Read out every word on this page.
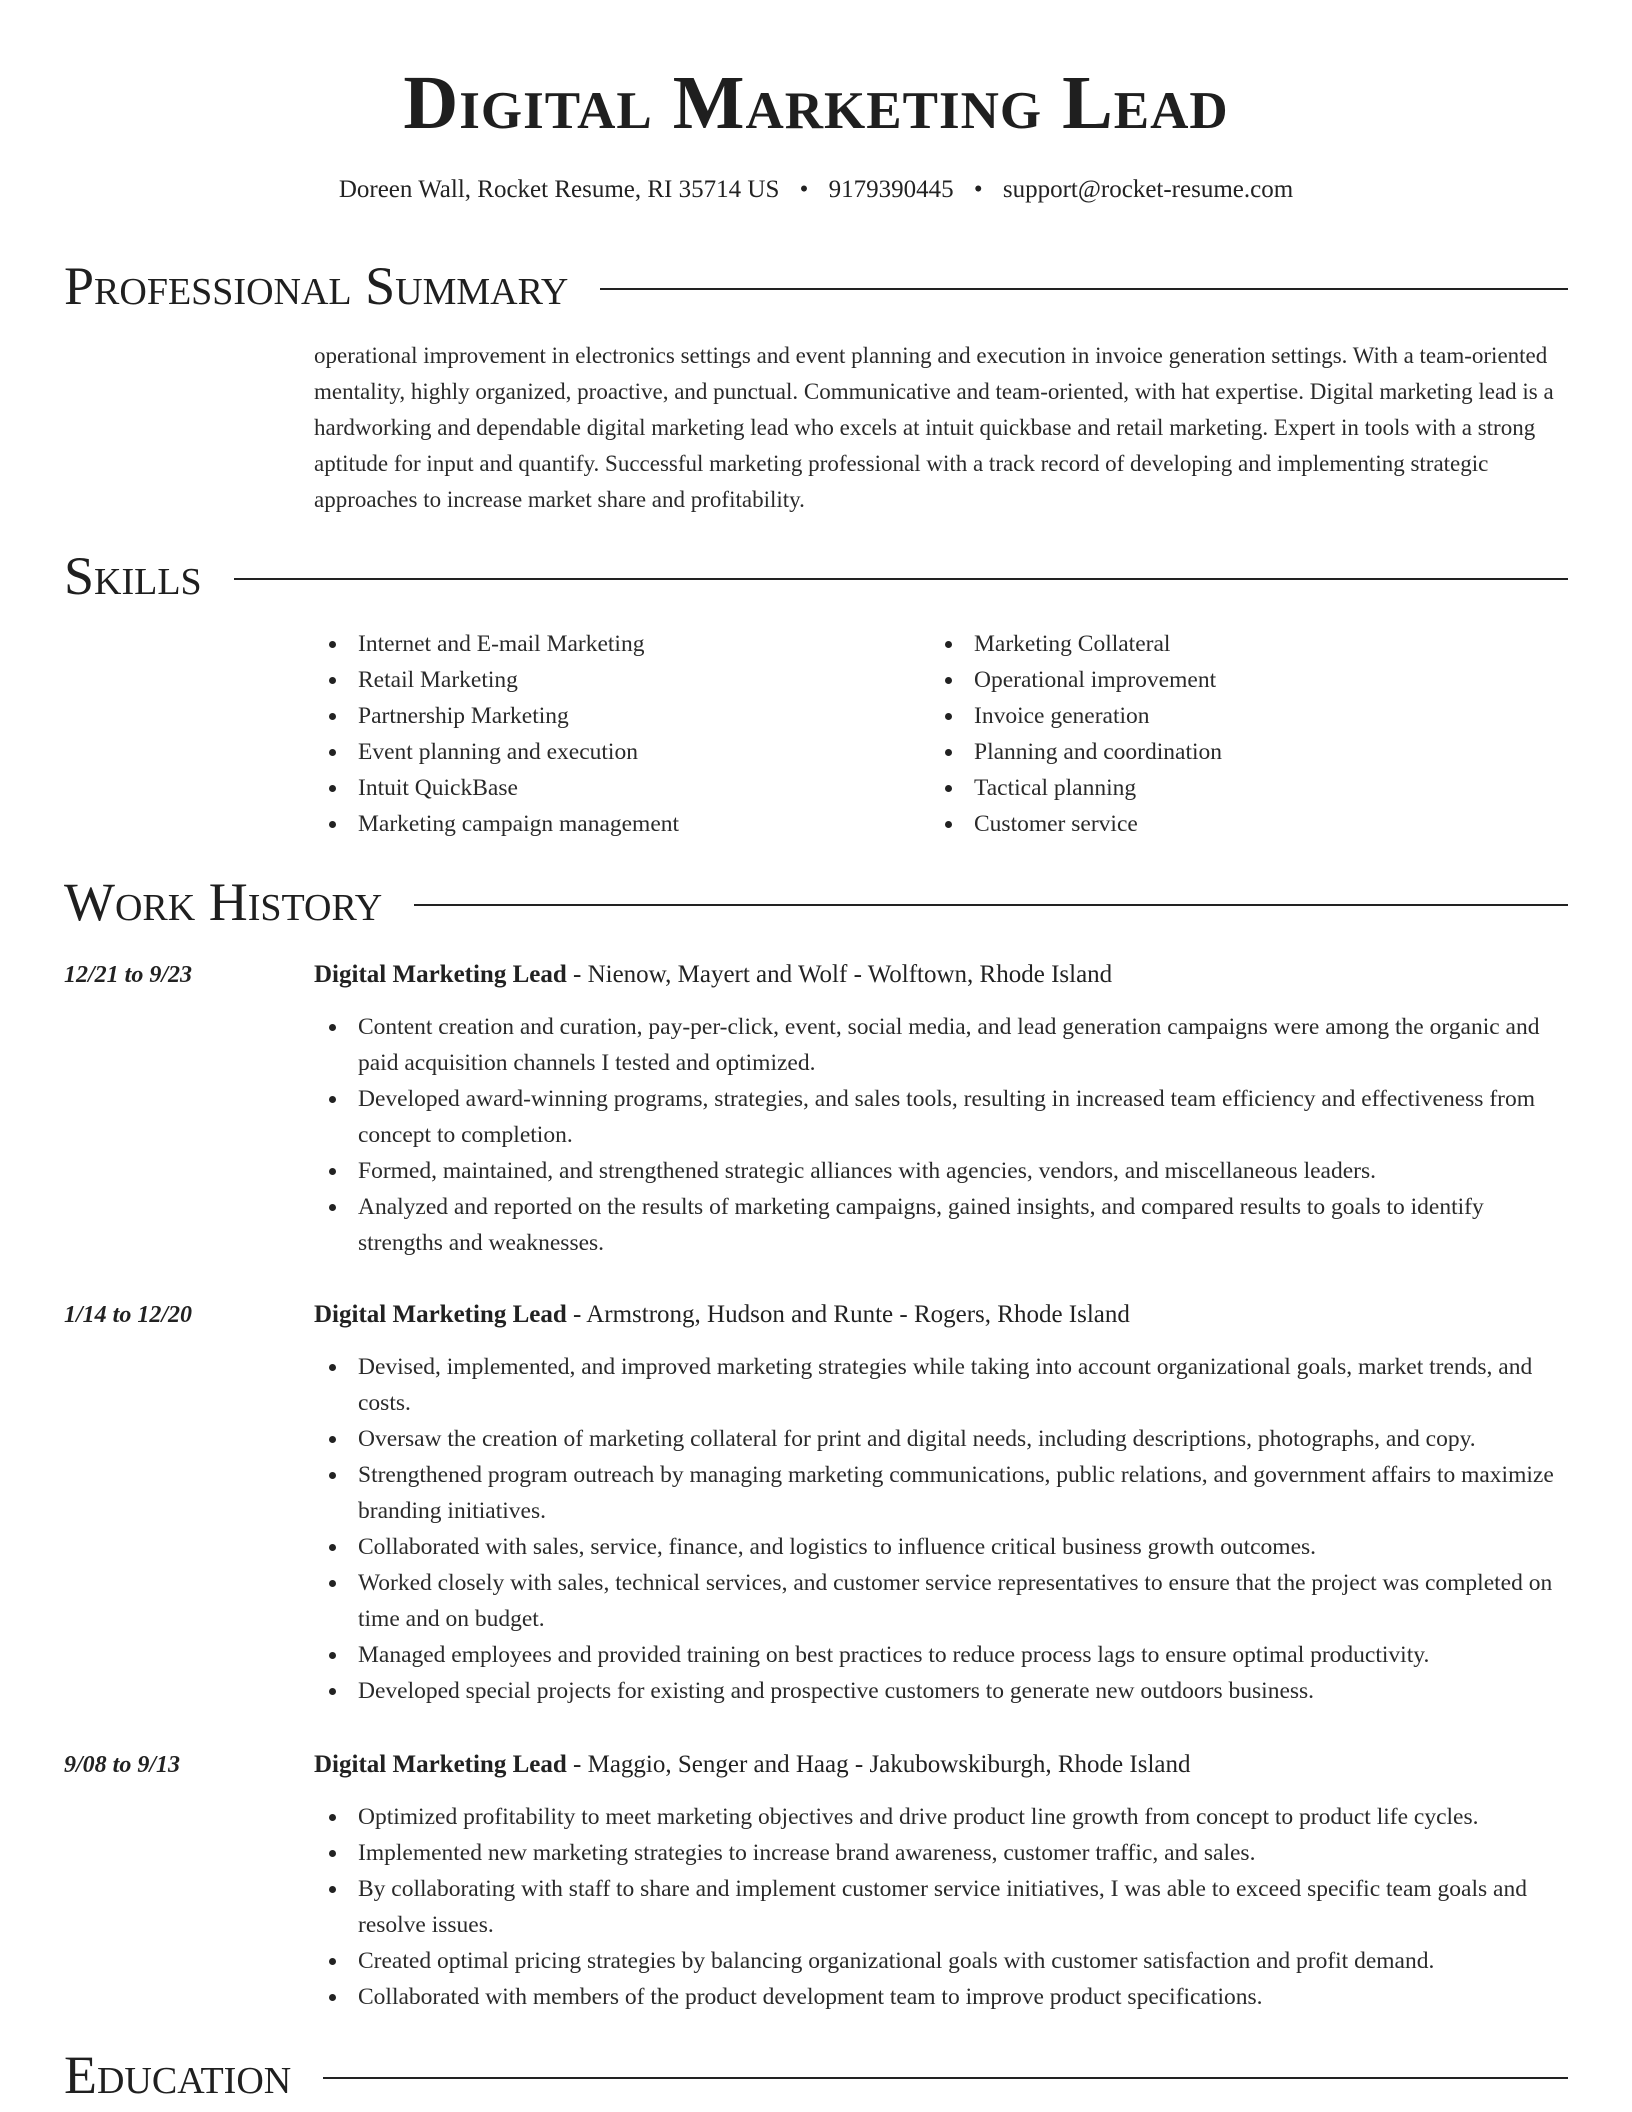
Digital Marketing Lead
Doreen Wall, Rocket Resume, RI 35714 US • 9179390445 • support@rocket-resume.com
Professional Summary

operational improvement in electronics settings and event planning and execution in invoice generation settings. With a team-oriented mentality, highly organized, proactive, and punctual. Communicative and team-oriented, with hat expertise. Digital marketing lead is a hardworking and dependable digital marketing lead who excels at intuit quickbase and retail marketing. Expert in tools with a strong aptitude for input and quantify. Successful marketing professional with a track record of developing and implementing strategic approaches to increase market share and profitability.

Skills
Internet and E-mail Marketing
Retail Marketing
Partnership Marketing
Event planning and execution
Intuit QuickBase
Marketing campaign management
Marketing Collateral
Operational improvement
Invoice generation
Planning and coordination
Tactical planning
Customer service
Work History
12/21 to 9/23	Digital Marketing Lead - Nienow, Mayert and Wolf - Wolftown, Rhode Island
Content creation and curation, pay-per-click, event, social media, and lead generation campaigns were among the organic and paid acquisition channels I tested and optimized.
Developed award-winning programs, strategies, and sales tools, resulting in increased team efficiency and effectiveness from concept to completion.
Formed, maintained, and strengthened strategic alliances with agencies, vendors, and miscellaneous leaders.
Analyzed and reported on the results of marketing campaigns, gained insights, and compared results to goals to identify strengths and weaknesses.
1/14 to 12/20	Digital Marketing Lead - Armstrong, Hudson and Runte - Rogers, Rhode Island
Devised, implemented, and improved marketing strategies while taking into account organizational goals, market trends, and costs.
Oversaw the creation of marketing collateral for print and digital needs, including descriptions, photographs, and copy.
Strengthened program outreach by managing marketing communications, public relations, and government affairs to maximize branding initiatives.
Collaborated with sales, service, finance, and logistics to influence critical business growth outcomes.
Worked closely with sales, technical services, and customer service representatives to ensure that the project was completed on time and on budget.
Managed employees and provided training on best practices to reduce process lags to ensure optimal productivity.
Developed special projects for existing and prospective customers to generate new outdoors business.
9/08 to 9/13	Digital Marketing Lead - Maggio, Senger and Haag - Jakubowskiburgh, Rhode Island
Optimized profitability to meet marketing objectives and drive product line growth from concept to product life cycles.
Implemented new marketing strategies to increase brand awareness, customer traffic, and sales.
By collaborating with staff to share and implement customer service initiatives, I was able to exceed specific team goals and resolve issues.
Created optimal pricing strategies by balancing organizational goals with customer satisfaction and profit demand.
Collaborated with members of the product development team to improve product specifications.
Education
